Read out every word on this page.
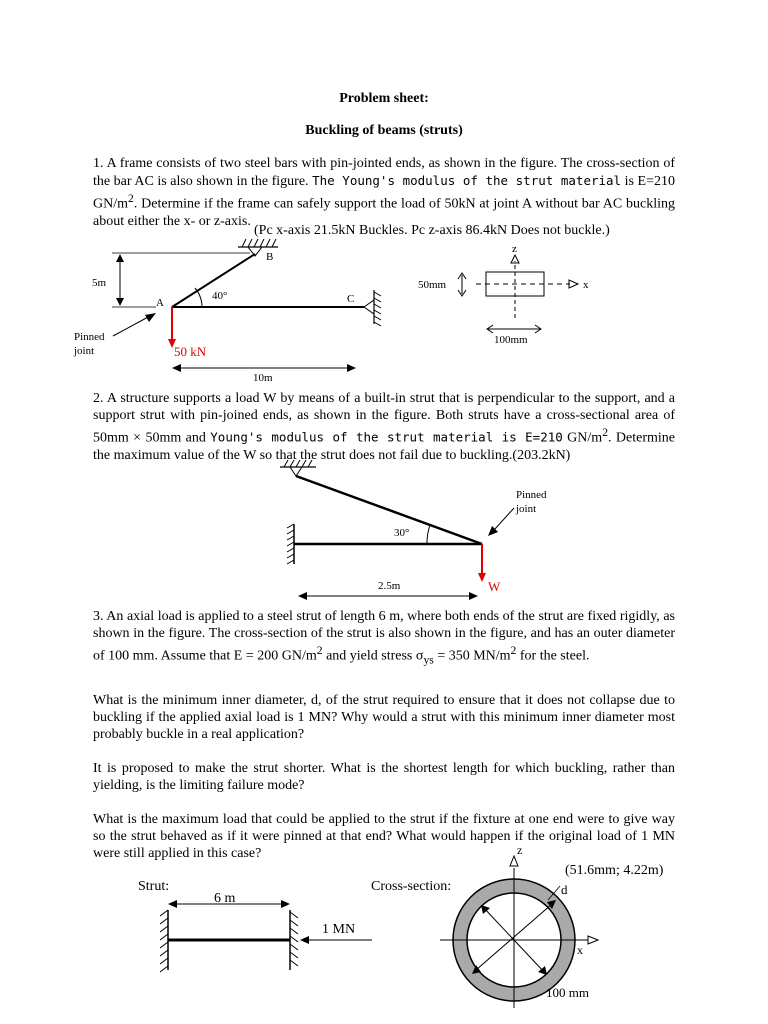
Problem sheet:
Buckling of beams (struts)

1. A frame consists of two steel bars with pin-jointed ends, as shown in the figure. The cross-section of the bar AC is also shown in the figure. The Young's modulus of the strut material is E=210 $GN/m^2$. Determine if the frame can safely support the load of 50kN at joint A without bar AC buckling about either the x- or z-axis.

(Pc x-axis 21.5kN Buckles. Pc z-axis 86.4kN Does not buckle.)
B
C
A
40°
5m
Pinned
joint	50 kN
10m
x
z
50mm
100mm

2. A structure supports a load W by means of a built-in strut that is perpendicular to the support, and a support strut with pin-joined ends, as shown in the figure. Both struts have a cross-sectional area of 50mm × 50mm and Young's modulus of the strut material is E=210 $GN/m^2$. Determine the maximum value of the W so that the strut does not fail due to buckling.(203.2kN)

30°
Pinned
joint
W
2.5m

3. An axial load is applied to a steel strut of length 6 m, where both ends of the strut are fixed rigidly, as shown in the figure. The cross-section of the strut is also shown in the figure, and has an outer diameter of 100 mm. Assume that E = 200 $GN/m^2$ and yield stress $\sigma_{ys} = 350$ $MN/m^2$ for the steel.

What is the minimum inner diameter, d, of the strut required to ensure that it does not collapse due to buckling if the applied axial load is 1 MN? Why would a strut with this minimum inner diameter most probably buckle in a real application?

It is proposed to make the strut shorter. What is the shortest length for which buckling, rather than yielding, is the limiting failure mode?

What is the maximum load that could be applied to the strut if the fixture at one end were to give way so the strut behaved as if it were pinned at that end? What would happen if the original load of 1 MN were still applied in this case?

(51.6mm; 4.22m)
Strut:	Cross-section:
6 m
1 MN
z
x
d
100 mm
